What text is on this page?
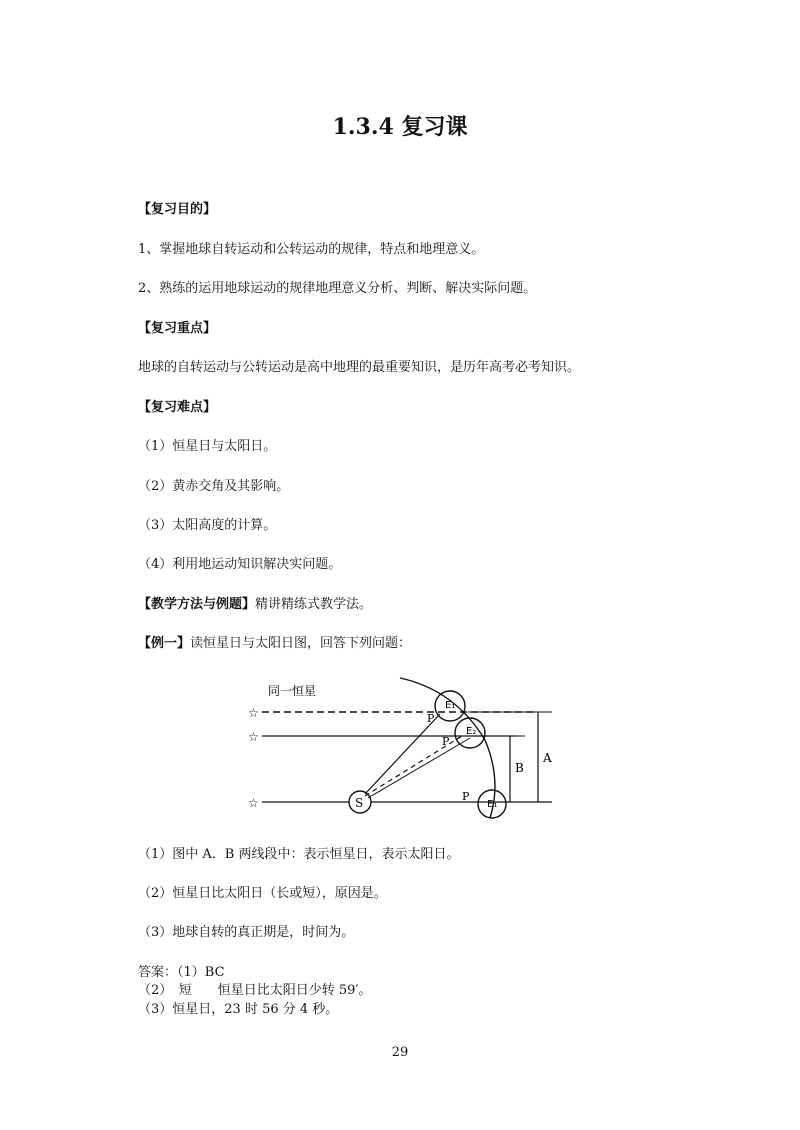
1.3.4 复习课
【复习目的】
1、掌握地球自转运动和公转运动的规律，特点和地理意义。
2、熟练的运用地球运动的规律地理意义分析、判断、解决实际问题。
【复习重点】
地球的自转运动与公转运动是高中地理的最重要知识，是历年高考必考知识。
【复习难点】
（1）恒星日与太阳日。
（2）黄赤交角及其影响。
（3）太阳高度的计算。
（4）利用地运动知识解决实问题。
【教学方法与例题】精讲精练式教学法。
【例一】读恒星日与太阳日图，回答下列问题：
同一恒星
☆
☆
☆	S
E₁
P
E₂
P
E₁
P
B
A
（1）图中 A．B 两线段中：表示恒星日，表示太阳日。
（2）恒星日比太阳日（长或短），原因是。
（3）地球自转的真正期是，时间为。
答案：（1）BC
（2）　短　　恒星日比太阳日少转 59′。
（3）恒星日，23 时 56 分 4 秒。
29
